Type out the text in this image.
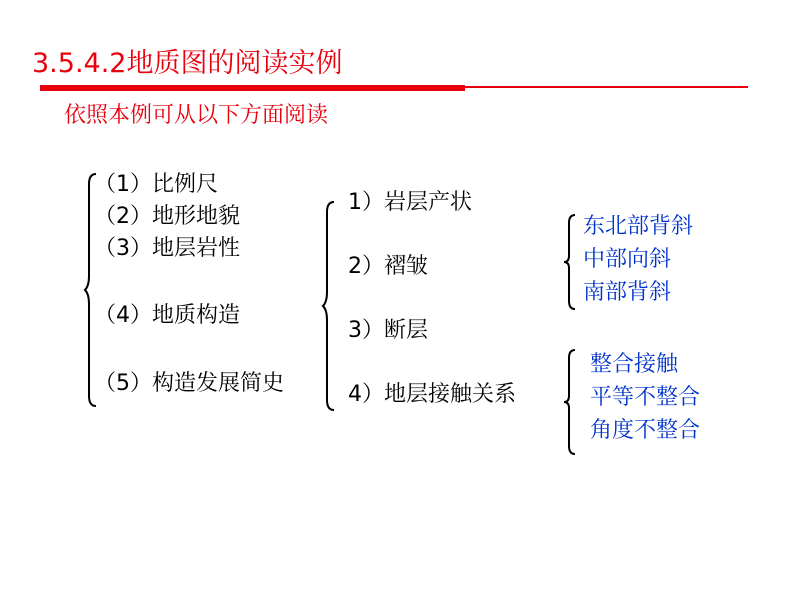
3.5.4.2地质图的阅读实例
依照本例可从以下方面阅读
（1）比例尺
（2）地形地貌
（3）地层岩性
（4）地质构造
（5）构造发展简史
1）岩层产状
2）褶皱
3）断层
4）地层接触关系
东北部背斜
中部向斜
南部背斜
整合接触
平等不整合
角度不整合
